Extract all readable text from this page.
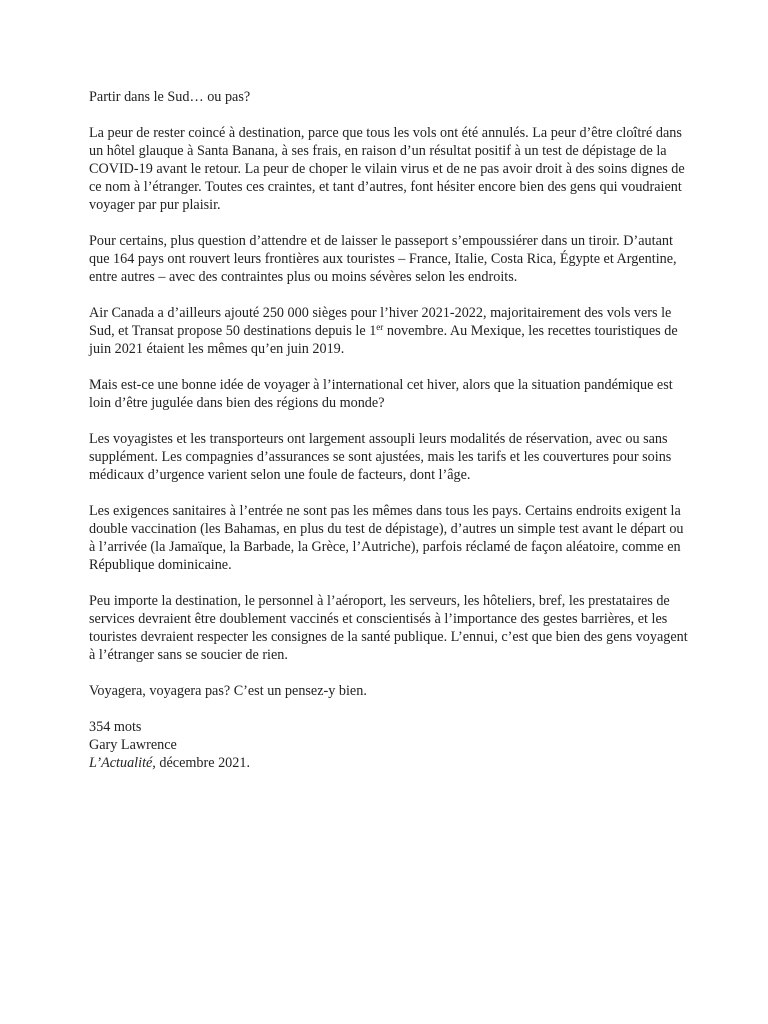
Partir dans le Sud… ou pas?

La peur de rester coincé à destination, parce que tous les vols ont été annulés. La peur d’être cloîtré dans un hôtel glauque à Santa Banana, à ses frais, en raison d’un résultat positif à un test de dépistage de la COVID-19 avant le retour. La peur de choper le vilain virus et de ne pas avoir droit à des soins dignes de ce nom à l’étranger. Toutes ces craintes, et tant d’autres, font hésiter encore bien des gens qui voudraient voyager par pur plaisir.

Pour certains, plus question d’attendre et de laisser le passeport s’empoussiérer dans un tiroir. D’autant que 164 pays ont rouvert leurs frontières aux touristes – France, Italie, Costa Rica, Égypte et Argentine, entre autres – avec des contraintes plus ou moins sévères selon les endroits.

Air Canada a d’ailleurs ajouté 250 000 sièges pour l’hiver 2021-2022, majoritairement des vols vers le Sud, et Transat propose 50 destinations depuis le 1er novembre. Au Mexique, les recettes touristiques de juin 2021 étaient les mêmes qu’en juin 2019.

Mais est-ce une bonne idée de voyager à l’international cet hiver, alors que la situation pandémique est loin d’être jugulée dans bien des régions du monde?

Les voyagistes et les transporteurs ont largement assoupli leurs modalités de réservation, avec ou sans supplément. Les compagnies d’assurances se sont ajustées, mais les tarifs et les couvertures pour soins médicaux d’urgence varient selon une foule de facteurs, dont l’âge.

Les exigences sanitaires à l’entrée ne sont pas les mêmes dans tous les pays. Certains endroits exigent la double vaccination (les Bahamas, en plus du test de dépistage), d’autres un simple test avant le départ ou à l’arrivée (la Jamaïque, la Barbade, la Grèce, l’Autriche), parfois réclamé de façon aléatoire, comme en République dominicaine.

Peu importe la destination, le personnel à l’aéroport, les serveurs, les hôteliers, bref, les prestataires de services devraient être doublement vaccinés et conscientisés à l’importance des gestes barrières, et les touristes devraient respecter les consignes de la santé publique. L’ennui, c’est que bien des gens voyagent à l’étranger sans se soucier de rien.

Voyagera, voyagera pas? C’est un pensez-y bien.

354 mots

Gary Lawrence

L’Actualité, décembre 2021.
